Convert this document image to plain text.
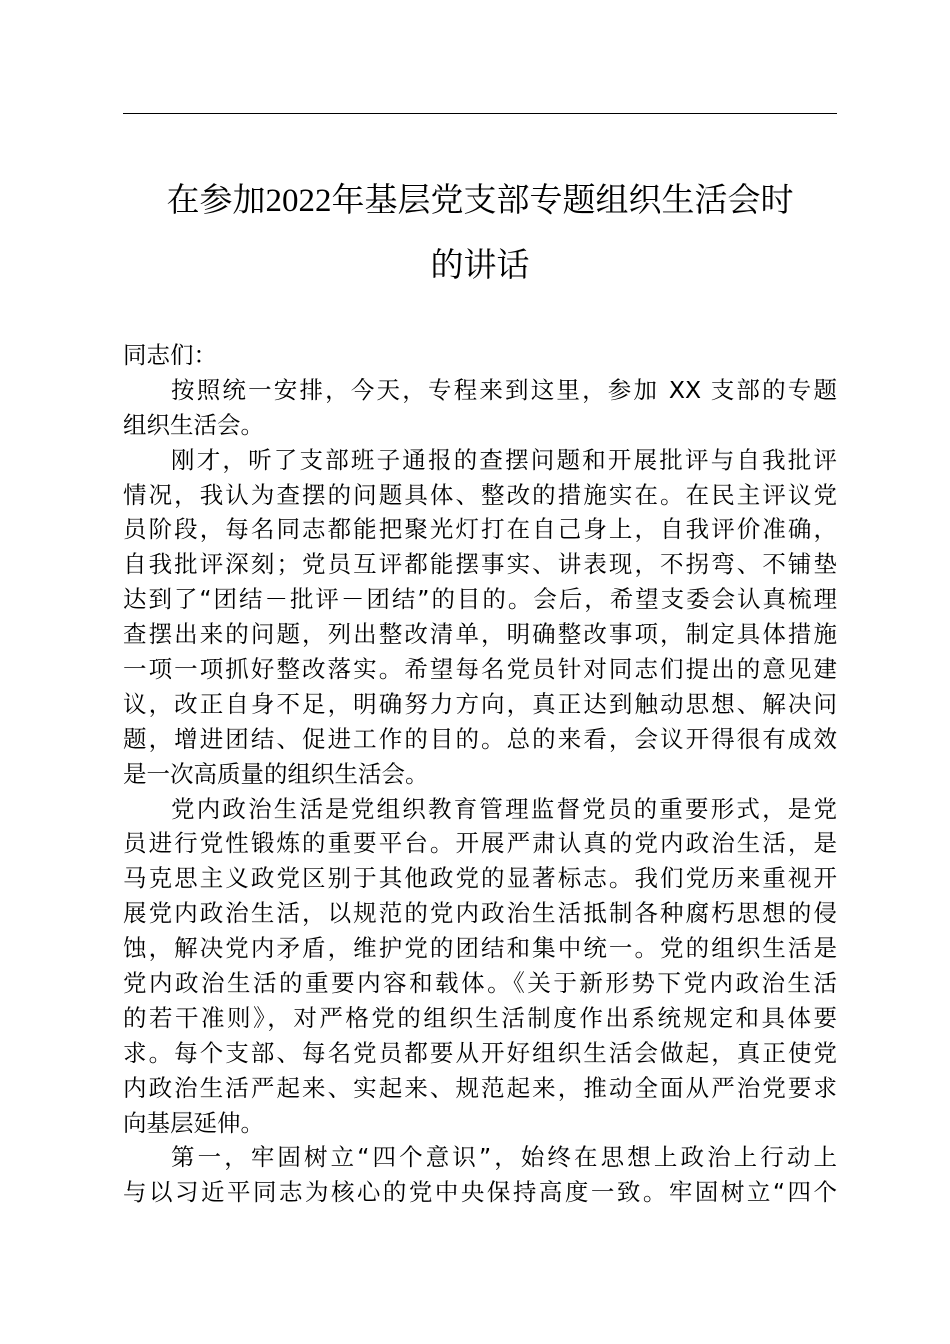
在参加2022年基层党支部专题组织生活会时
的讲话
同志们：
按照统一安排，今天，专程来到这里，参加 XX 支部的专题
组织生活会。
刚才，听了支部班子通报的查摆问题和开展批评与自我批评
情况，我认为查摆的问题具体、整改的措施实在。在民主评议党
员阶段，每名同志都能把聚光灯打在自己身上，自我评价准确，
自我批评深刻；党员互评都能摆事实、讲表现，不拐弯、不铺垫
达到了“团结－批评－团结”的目的。会后，希望支委会认真梳理
查摆出来的问题，列出整改清单，明确整改事项，制定具体措施
一项一项抓好整改落实。希望每名党员针对同志们提出的意见建
议，改正自身不足，明确努力方向，真正达到触动思想、解决问
题，增进团结、促进工作的目的。总的来看，会议开得很有成效
是一次高质量的组织生活会。
党内政治生活是党组织教育管理监督党员的重要形式，是党
员进行党性锻炼的重要平台。开展严肃认真的党内政治生活，是
马克思主义政党区别于其他政党的显著标志。我们党历来重视开
展党内政治生活，以规范的党内政治生活抵制各种腐朽思想的侵
蚀，解决党内矛盾，维护党的团结和集中统一。党的组织生活是
党内政治生活的重要内容和载体。《关于新形势下党内政治生活
的若干准则》，对严格党的组织生活制度作出系统规定和具体要
求。每个支部、每名党员都要从开好组织生活会做起，真正使党
内政治生活严起来、实起来、规范起来，推动全面从严治党要求
向基层延伸。
第一，牢固树立“四个意识”，始终在思想上政治上行动上
与以习近平同志为核心的党中央保持高度一致。牢固树立“四个
